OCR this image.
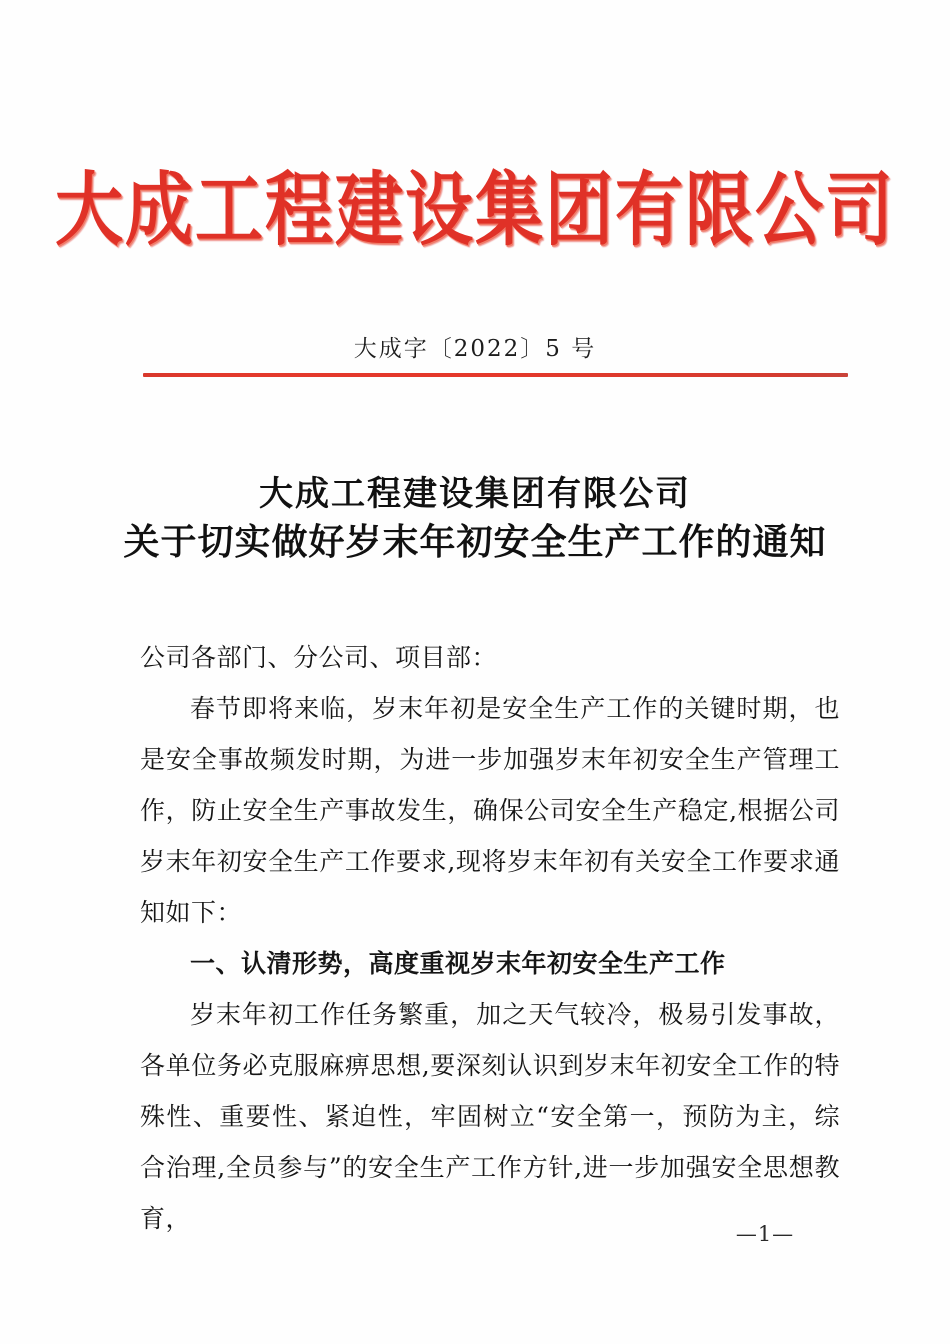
大成工程建设集团有限公司
大成字〔2022〕5 号
大成工程建设集团有限公司
关于切实做好岁末年初安全生产工作的通知

公司各部门、分公司、项目部：

春节即将来临，岁末年初是安全生产工作的关键时期，也是安全事故频发时期，为进一步加强岁末年初安全生产管理工作，防止安全生产事故发生，确保公司安全生产稳定,根据公司岁末年初安全生产工作要求,现将岁末年初有关安全工作要求通知如下：

一、认清形势，高度重视岁末年初安全生产工作

岁末年初工作任务繁重，加之天气较冷，极易引发事故，各单位务必克服麻痹思想,要深刻认识到岁末年初安全工作的特殊性、重要性、紧迫性，牢固树立“安全第一，预防为主，综合治理,全员参与”的安全生产工作方针,进一步加强安全思想教育，

—1—
